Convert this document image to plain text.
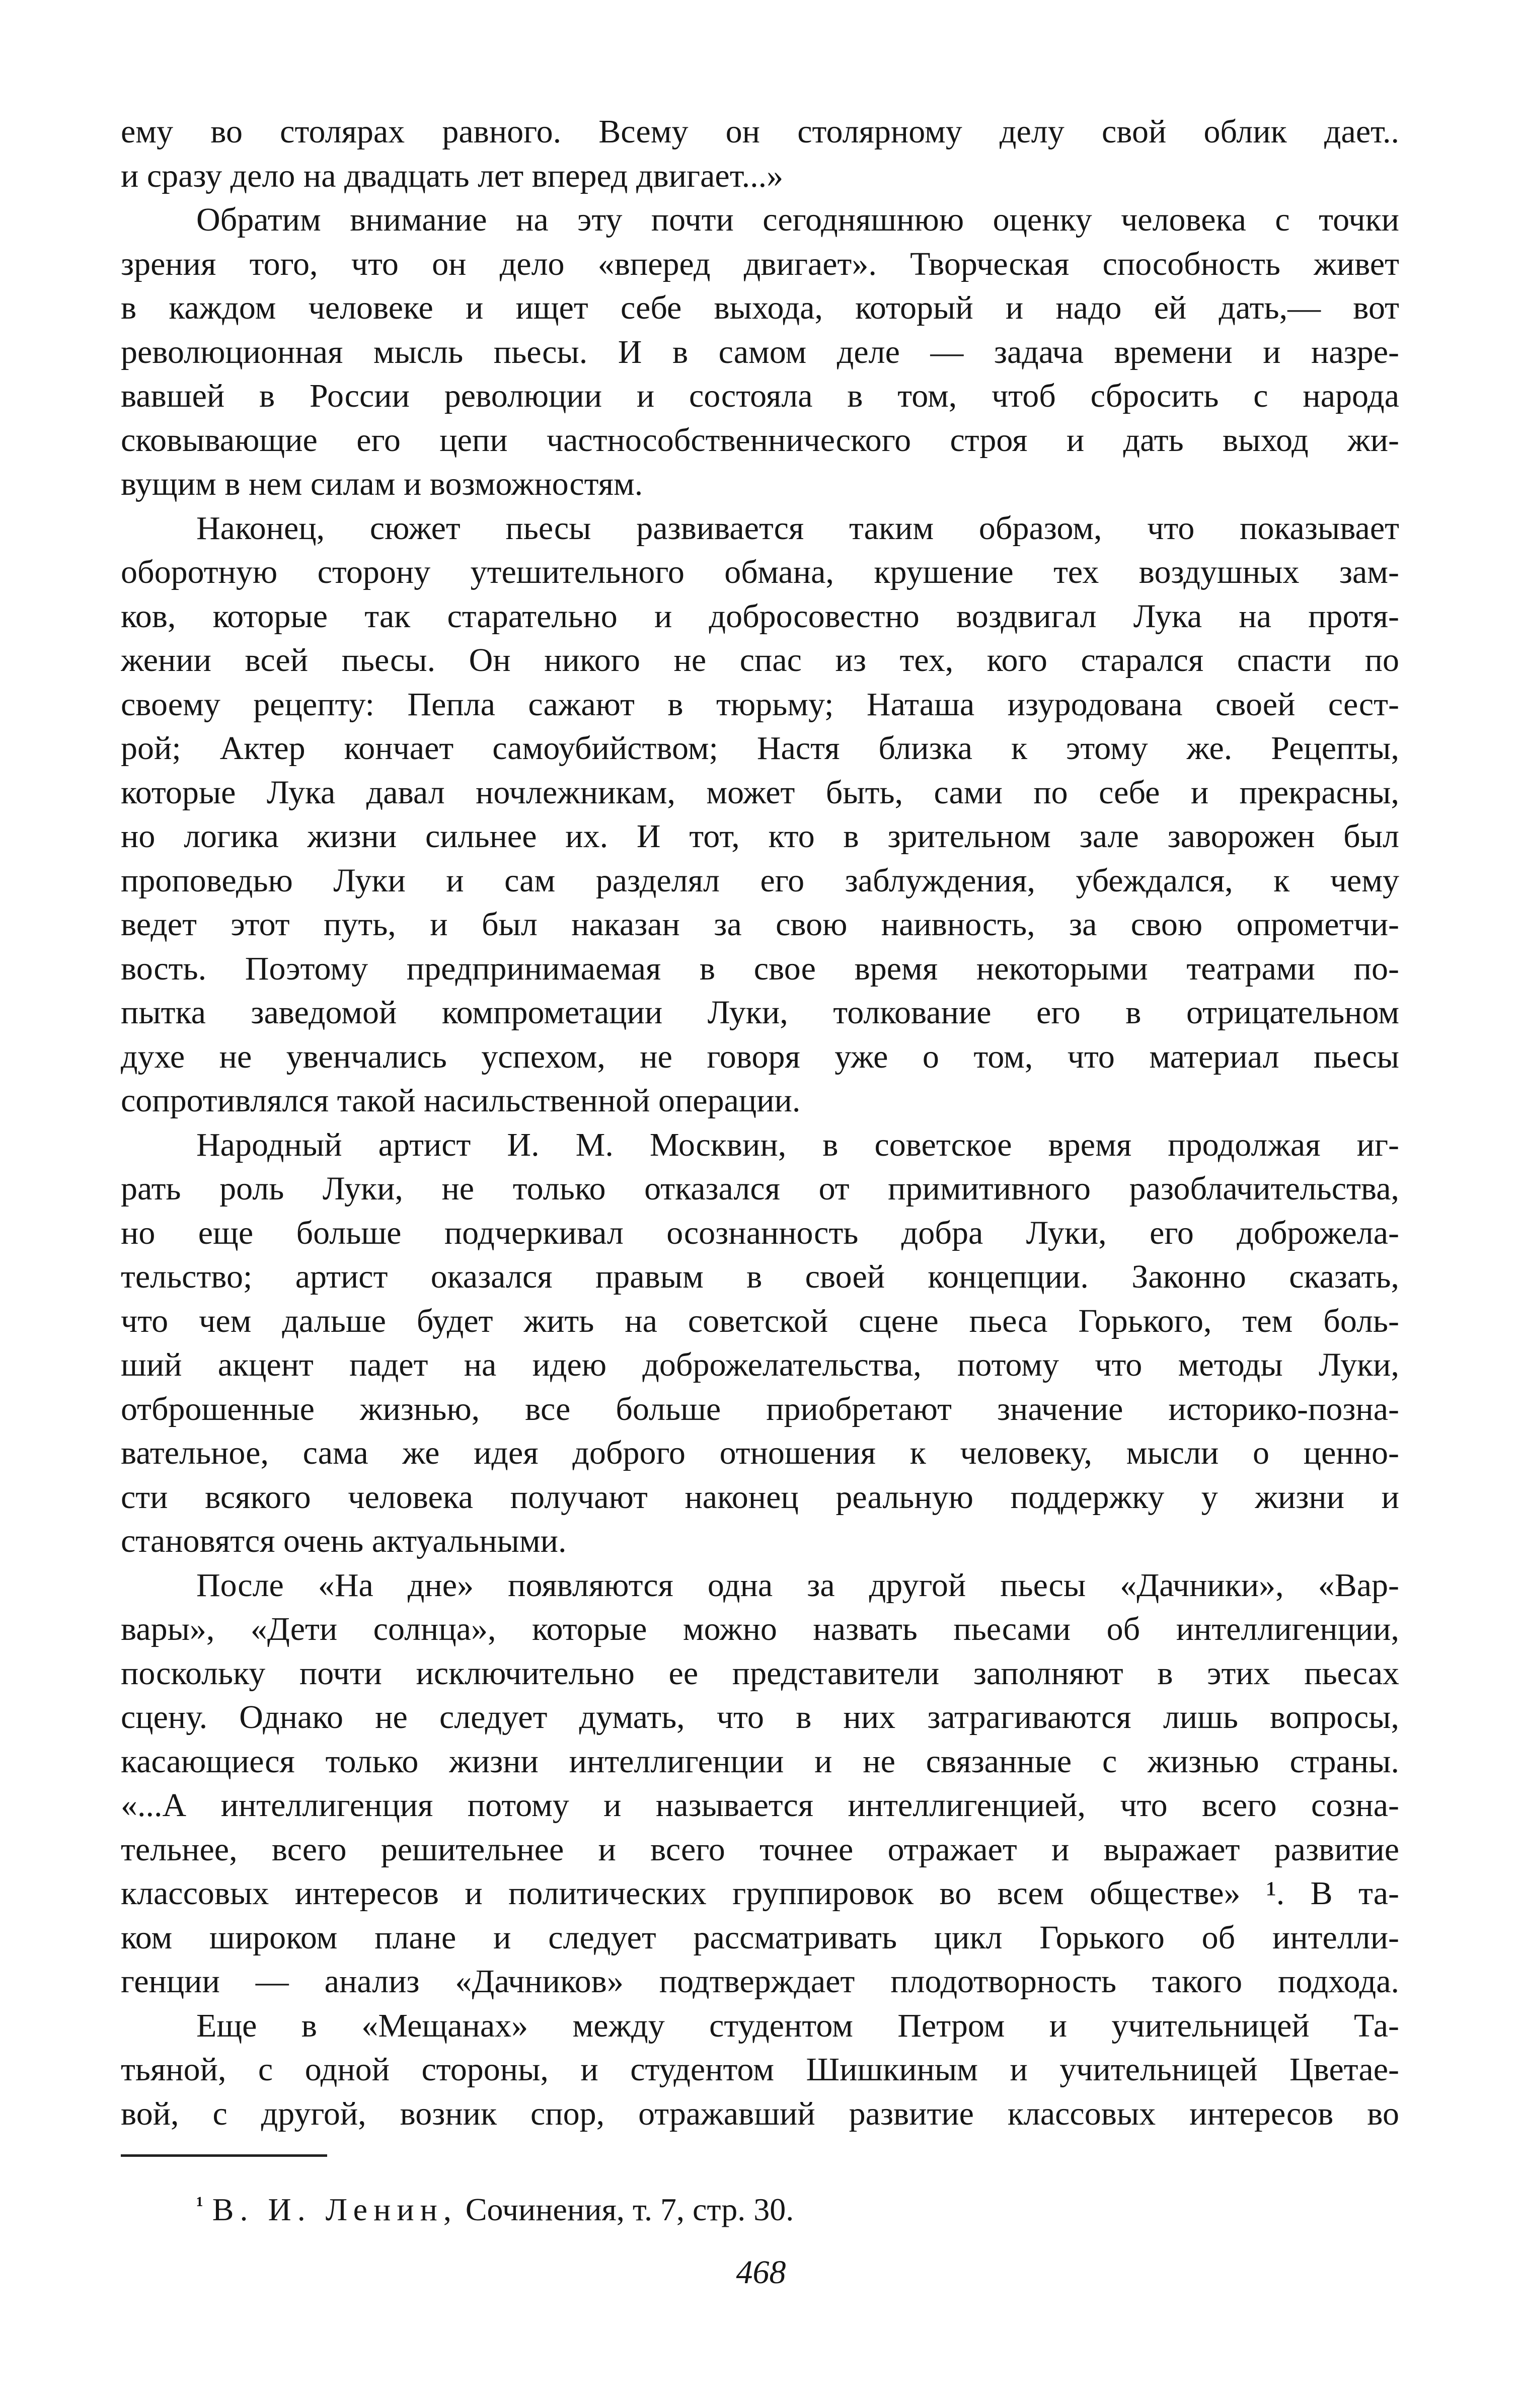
ему во столярах равного. Всему он столярному делу свой облик дает..
и сразу дело на двадцать лет вперед двигает...»
Обратим внимание на эту почти сегодняшнюю оценку человека с точки
зрения того, что он дело «вперед двигает». Творческая способность живет
в каждом человеке и ищет себе выхода, который и надо ей дать,— вот
революционная мысль пьесы. И в самом деле — задача времени и назре-
вавшей в России революции и состояла в том, чтоб сбросить с народа
сковывающие его цепи частнособственнического строя и дать выход жи-
вущим в нем силам и возможностям.
Наконец, сюжет пьесы развивается таким образом, что показывает
оборотную сторону утешительного обмана, крушение тех воздушных зам-
ков, которые так старательно и добросовестно воздвигал Лука на протя-
жении всей пьесы. Он никого не спас из тех, кого старался спасти по
своему рецепту: Пепла сажают в тюрьму; Наташа изуродована своей сест-
рой; Актер кончает самоубийством; Настя близка к этому же. Рецепты,
которые Лука давал ночлежникам, может быть, сами по себе и прекрасны,
но логика жизни сильнее их. И тот, кто в зрительном зале заворожен был
проповедью Луки и сам разделял его заблуждения, убеждался, к чему
ведет этот путь, и был наказан за свою наивность, за свою опрометчи-
вость. Поэтому предпринимаемая в свое время некоторыми театрами по-
пытка заведомой компрометации Луки, толкование его в отрицательном
духе не увенчались успехом, не говоря уже о том, что материал пьесы
сопротивлялся такой насильственной операции.
Народный артист И. М. Москвин, в советское время продолжая иг-
рать роль Луки, не только отказался от примитивного разоблачительства,
но еще больше подчеркивал осознанность добра Луки, его доброжела-
тельство; артист оказался правым в своей концепции. Законно сказать,
что чем дальше будет жить на советской сцене пьеса Горького, тем боль-
ший акцент падет на идею доброжелательства, потому что методы Луки,
отброшенные жизнью, все больше приобретают значение историко-позна-
вательное, сама же идея доброго отношения к человеку, мысли о ценно-
сти всякого человека получают наконец реальную поддержку у жизни и
становятся очень актуальными.
После «На дне» появляются одна за другой пьесы «Дачники», «Вар-
вары», «Дети солнца», которые можно назвать пьесами об интеллигенции,
поскольку почти исключительно ее представители заполняют в этих пьесах
сцену. Однако не следует думать, что в них затрагиваются лишь вопросы,
касающиеся только жизни интеллигенции и не связанные с жизнью страны.
«...А интеллигенция потому и называется интеллигенцией, что всего созна-
тельнее, всего решительнее и всего точнее отражает и выражает развитие
классовых интересов и политических группировок во всем обществе» ¹. В та-
ком широком плане и следует рассматривать цикл Горького об интелли-
генции — анализ «Дачников» подтверждает плодотворность такого подхода.
Еще в «Мещанах» между студентом Петром и учительницей Та-
тьяной, с одной стороны, и студентом Шишкиным и учительницей Цветае-
вой, с другой, возник спор, отражавший развитие классовых интересов во
$^{^1}$ В. И. Ленин, Сочинения, т. 7, стр. 30.
468
